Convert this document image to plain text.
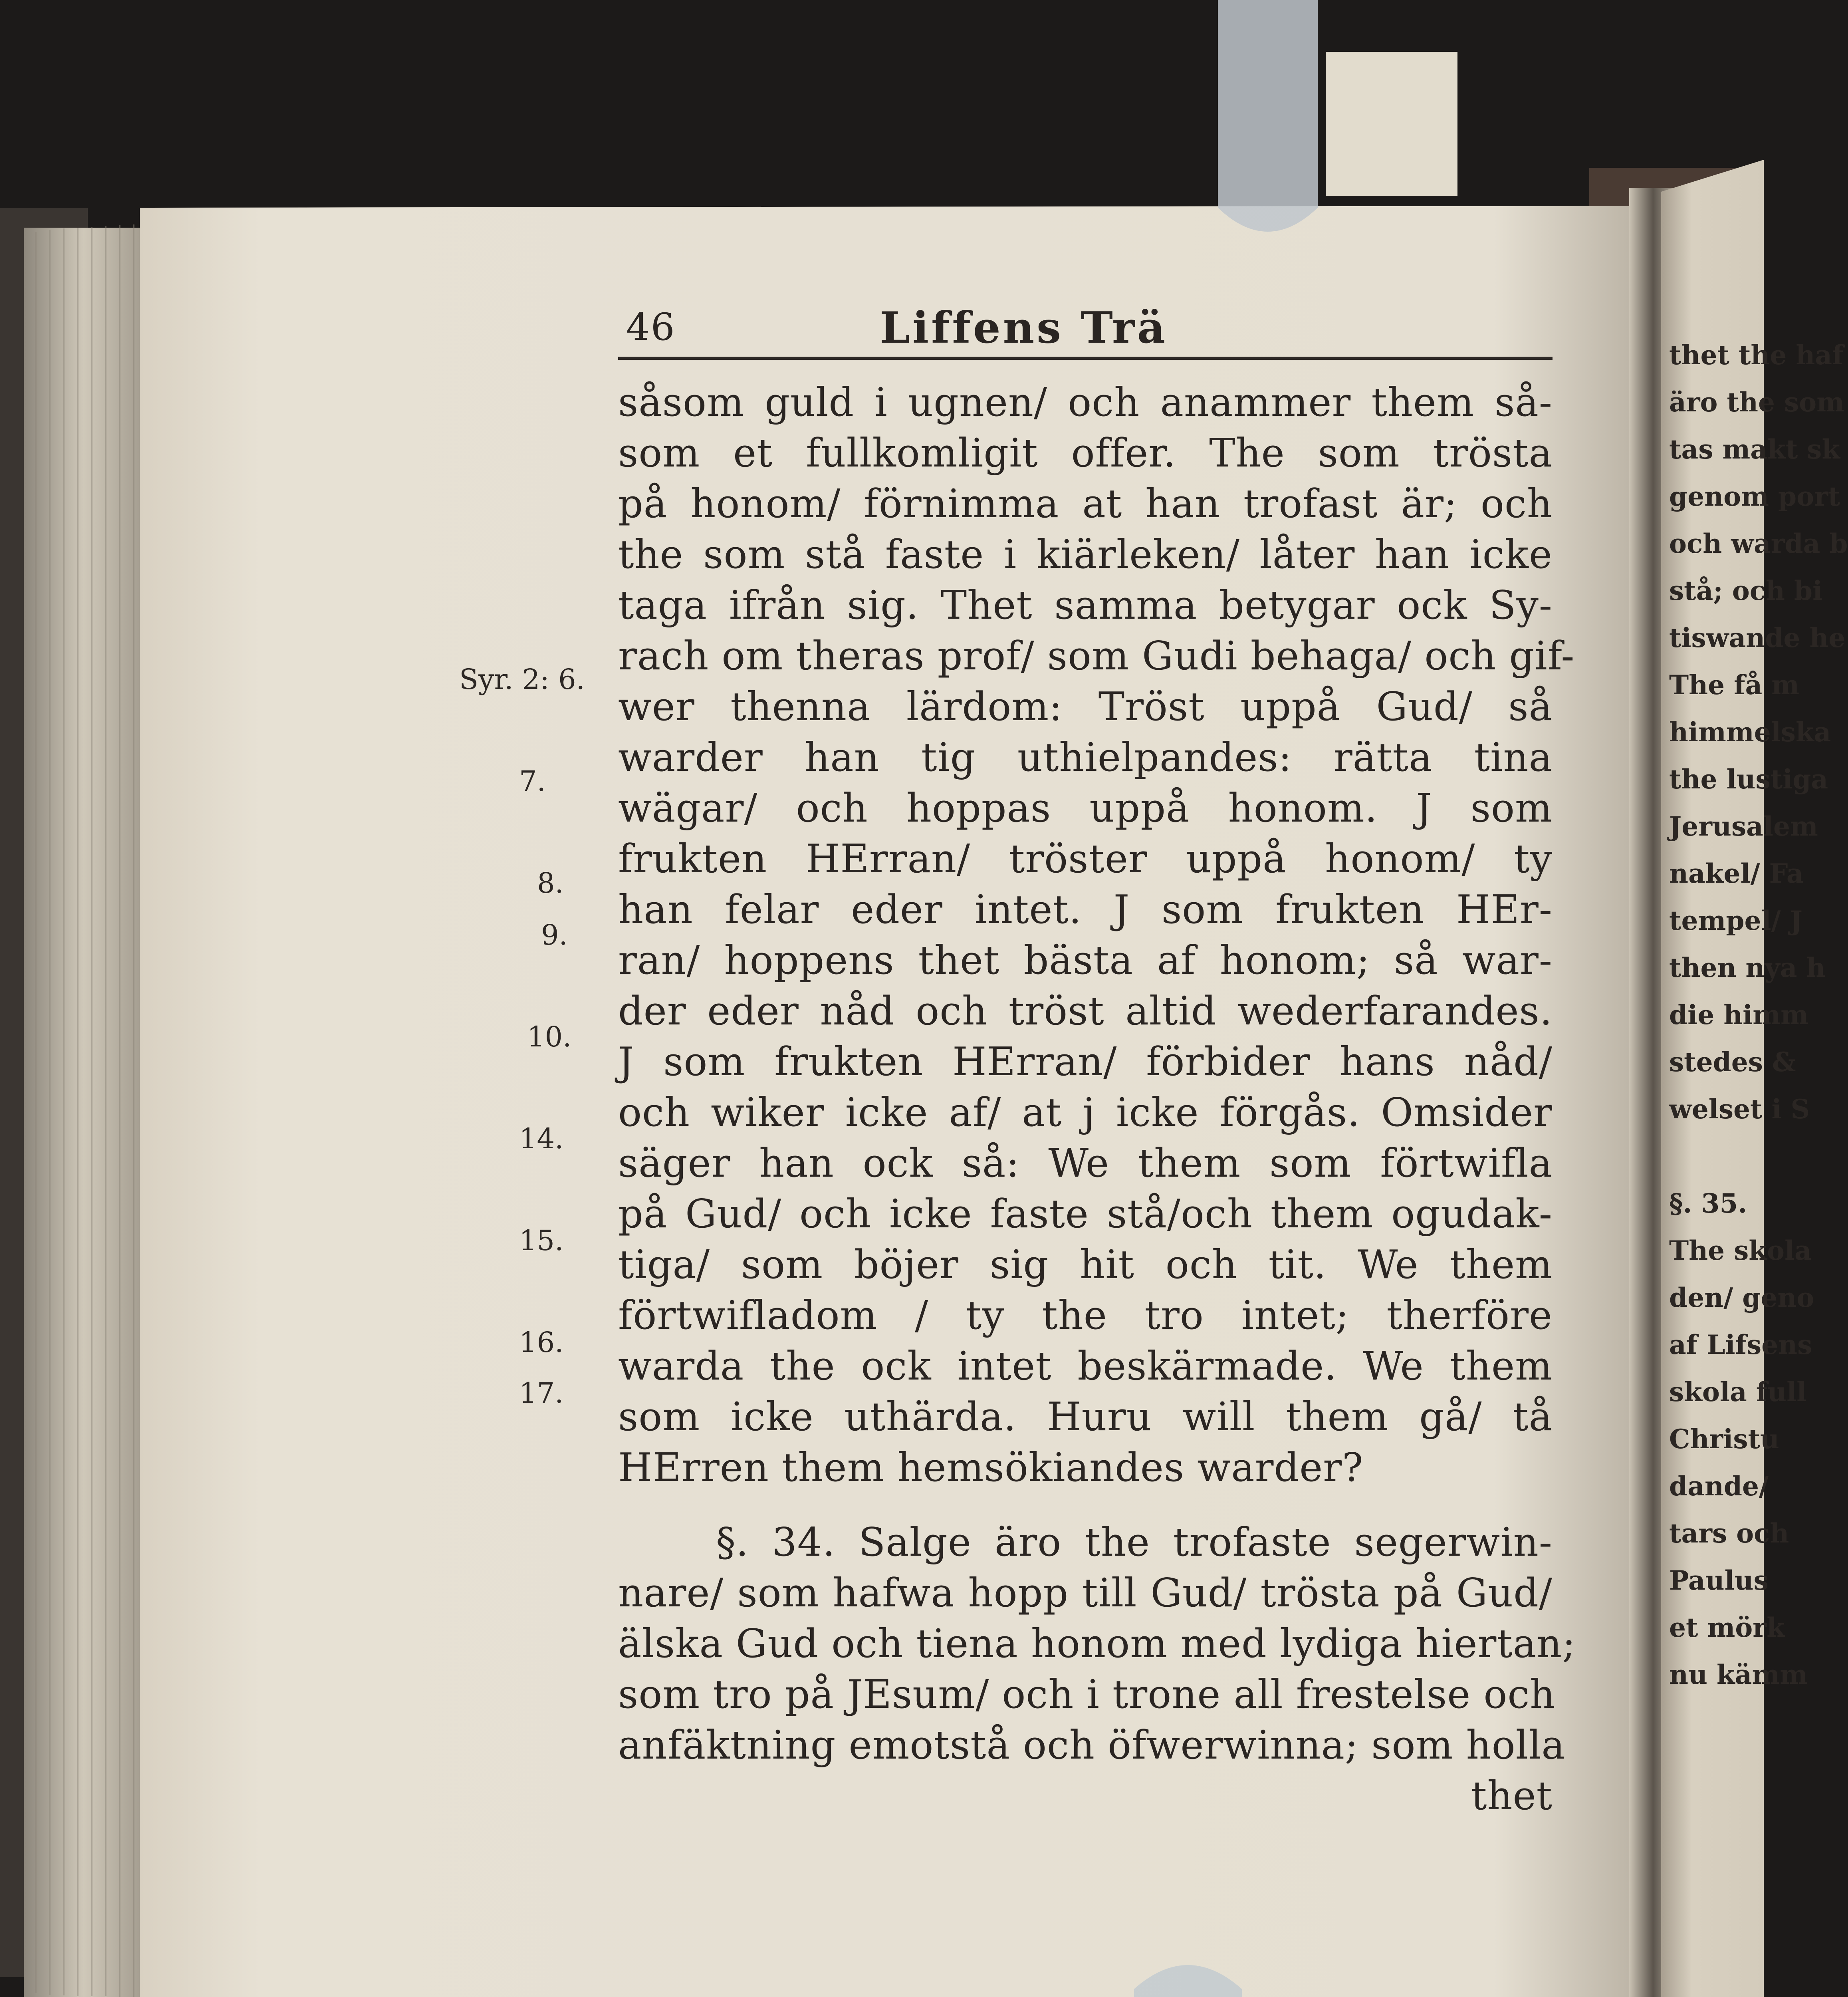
46	Liffens Trä
såsom guld i ugnen/ och anammer them så-
som et fullkomligit offer. The som trösta
på honom/ förnimma at han trofast är; och
the som stå faste i kiärleken/ låter han icke
taga ifrån sig. Thet samma betygar ock Sy-
rach om theras prof/ som Gudi behaga/ och gif-
wer thenna lärdom: Tröst uppå Gud/ så
warder han tig uthielpandes: rätta tina
wägar/ och hoppas uppå honom. J som
frukten HErran/ tröster uppå honom/ ty
han felar eder intet. J som frukten HEr-
ran/ hoppens thet bästa af honom; så war-
der eder nåd och tröst altid wederfarandes.
J som frukten HErran/ förbider hans nåd/
och wiker icke af/ at j icke förgås. Omsider
säger han ock så: We them som förtwifla
på Gud/ och icke faste stå/och them ogudak-
tiga/ som böjer sig hit och tit. We them
förtwifladom / ty the tro intet; therföre
warda the ock intet beskärmade. We them
som icke uthärda. Huru will them gå/ tå
HErren them hemsökiandes warder?
§. 34. Salge äro the trofaste segerwin-
nare/ som hafwa hopp till Gud/ trösta på Gud/
älska Gud och tiena honom med lydiga hiertan;
som tro på JEsum/ och i trone all frestelse och
anfäktning emotstå och öfwerwinna; som holla
thet
Syr. 2: 6.
7.
8.
9.
10.
14.
15.
16.
17.
thet the haf
äro the som
tas makt sk
genom port
och warda b
stå; och bi
tiswande he
The få m
himmelska
the lustiga
Jerusalem
nakel/ Fa
tempel/ J
then nya h
die himm
stedes &
welset i S
§. 35.
The skola
den/ geno
af Lifsens
skola full
Christu
dande/
tars och
Paulus
et mörk
nu kämm
